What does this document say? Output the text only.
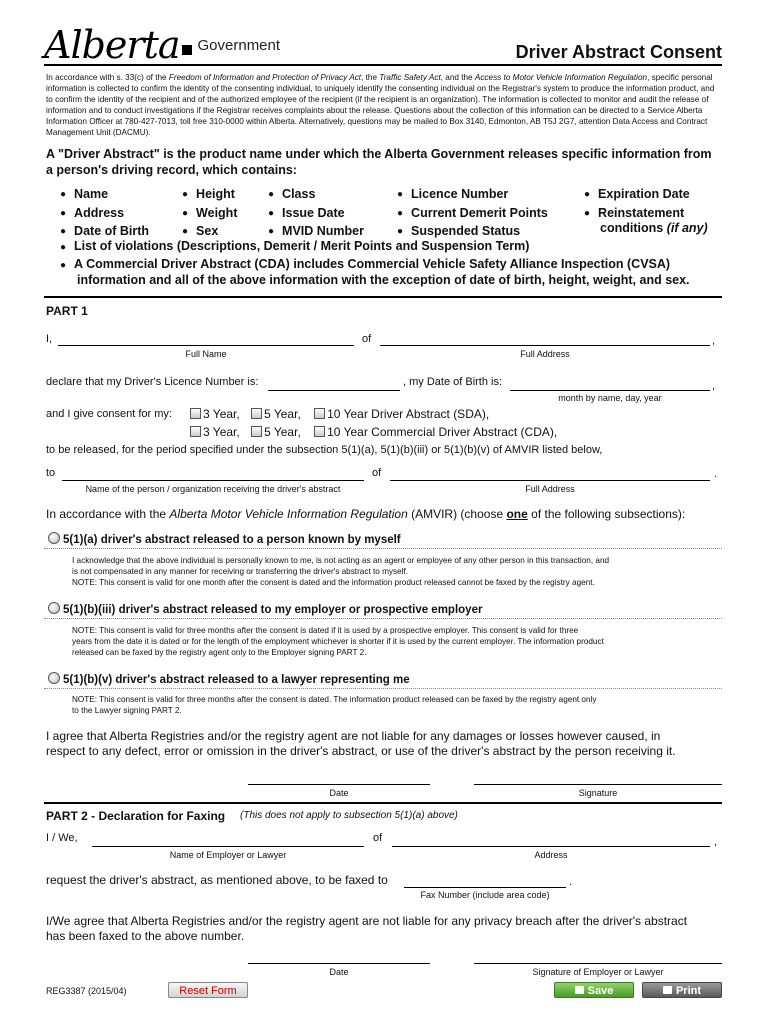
Alberta Government	Driver Abstract Consent
In accordance with s. 33(c) of the Freedom of Information and Protection of Privacy Act, the Traffic Safety Act, and the Access to Motor Vehicle Information Regulation, specific personal information is collected to confirm the identity of the consenting individual, to uniquely identify the consenting individual on the Registrar's system to produce the information product, and to confirm the identity of the recipient and of the authorized employee of the recipient (if the recipient is an organization). The information is collected to monitor and audit the release of information and to conduct investigations if the Registrar receives complaints about the release. Questions about the collection of this information can be directed to a Service Alberta Information Officer at 780-427-7013, toll free 310-0000 within Alberta. Alternatively, questions may be mailed to Box 3140, Edmonton, AB T5J 2G7, attention Data Access and Contract Management Unit (DACMU).
A "Driver Abstract" is the product name under which the Alberta Government releases specific information from a person's driving record, which contains:
● Name
● Address
● Date of Birth
● Height
● Weight
● Sex
● Class
● Issue Date
● MVID Number
● Licence Number
● Current Demerit Points
● Suspended Status
● Expiration Date
● Reinstatement
conditions (if any)
● List of violations (Descriptions, Demerit / Merit Points and Suspension Term)
● A Commercial Driver Abstract (CDA) includes Commercial Vehicle Safety Alliance Inspection (CVSA)
information and all of the above information with the exception of date of birth, height, weight, and sex.
PART 1
I,	of	,
Full Name	Full Address
declare that my Driver's Licence Number is:	, my Date of Birth is:	,
month by name, day, year
and I give consent for my:	3 Year, 5 Year, 10 Year Driver Abstract (SDA),
3 Year, 5 Year, 10 Year Commercial Driver Abstract (CDA),
to be released, for the period specified under the subsection 5(1)(a), 5(1)(b)(iii) or 5(1)(b)(v) of AMVIR listed below,
to	of	.
Name of the person / organization receiving the driver's abstract	Full Address
In accordance with the Alberta Motor Vehicle Information Regulation (AMVIR) (choose one of the following subsections):
5(1)(a) driver's abstract released to a person known by myself
I acknowledge that the above individual is personally known to me, is not acting as an agent or employee of any other person in this transaction, and
is not compensated in any manner for receiving or transferring the driver's abstract to myself.
NOTE: This consent is valid for one month after the consent is dated and the information product released cannot be faxed by the registry agent.
5(1)(b)(iii) driver's abstract released to my employer or prospective employer
NOTE: This consent is valid for three months after the consent is dated if it is used by a prospective employer. This consent is valid for three
years from the date it is dated or for the length of the employment whichever is shorter if it is used by the current employer. The information product
released can be faxed by the registry agent only to the Employer signing PART 2.
5(1)(b)(v) driver's abstract released to a lawyer representing me
NOTE: This consent is valid for three months after the consent is dated. The information product released can be faxed by the registry agent only
to the Lawyer signing PART 2.
I agree that Alberta Registries and/or the registry agent are not liable for any damages or losses however caused, in
respect to any defect, error or omission in the driver's abstract, or use of the driver's abstract by the person receiving it.
Date	Signature
PART 2 - Declaration for Faxing (This does not apply to subsection 5(1)(a) above)
I / We,	of	,
Name of Employer or Lawyer	Address
request the driver's abstract, as mentioned above, to be faxed to	.
Fax Number (include area code)
I/We agree that Alberta Registries and/or the registry agent are not liable for any privacy breach after the driver's abstract
has been faxed to the above number.
Date	Signature of Employer or Lawyer
REG3387 (2015/04)	Reset Form	Save Form
Print Form
